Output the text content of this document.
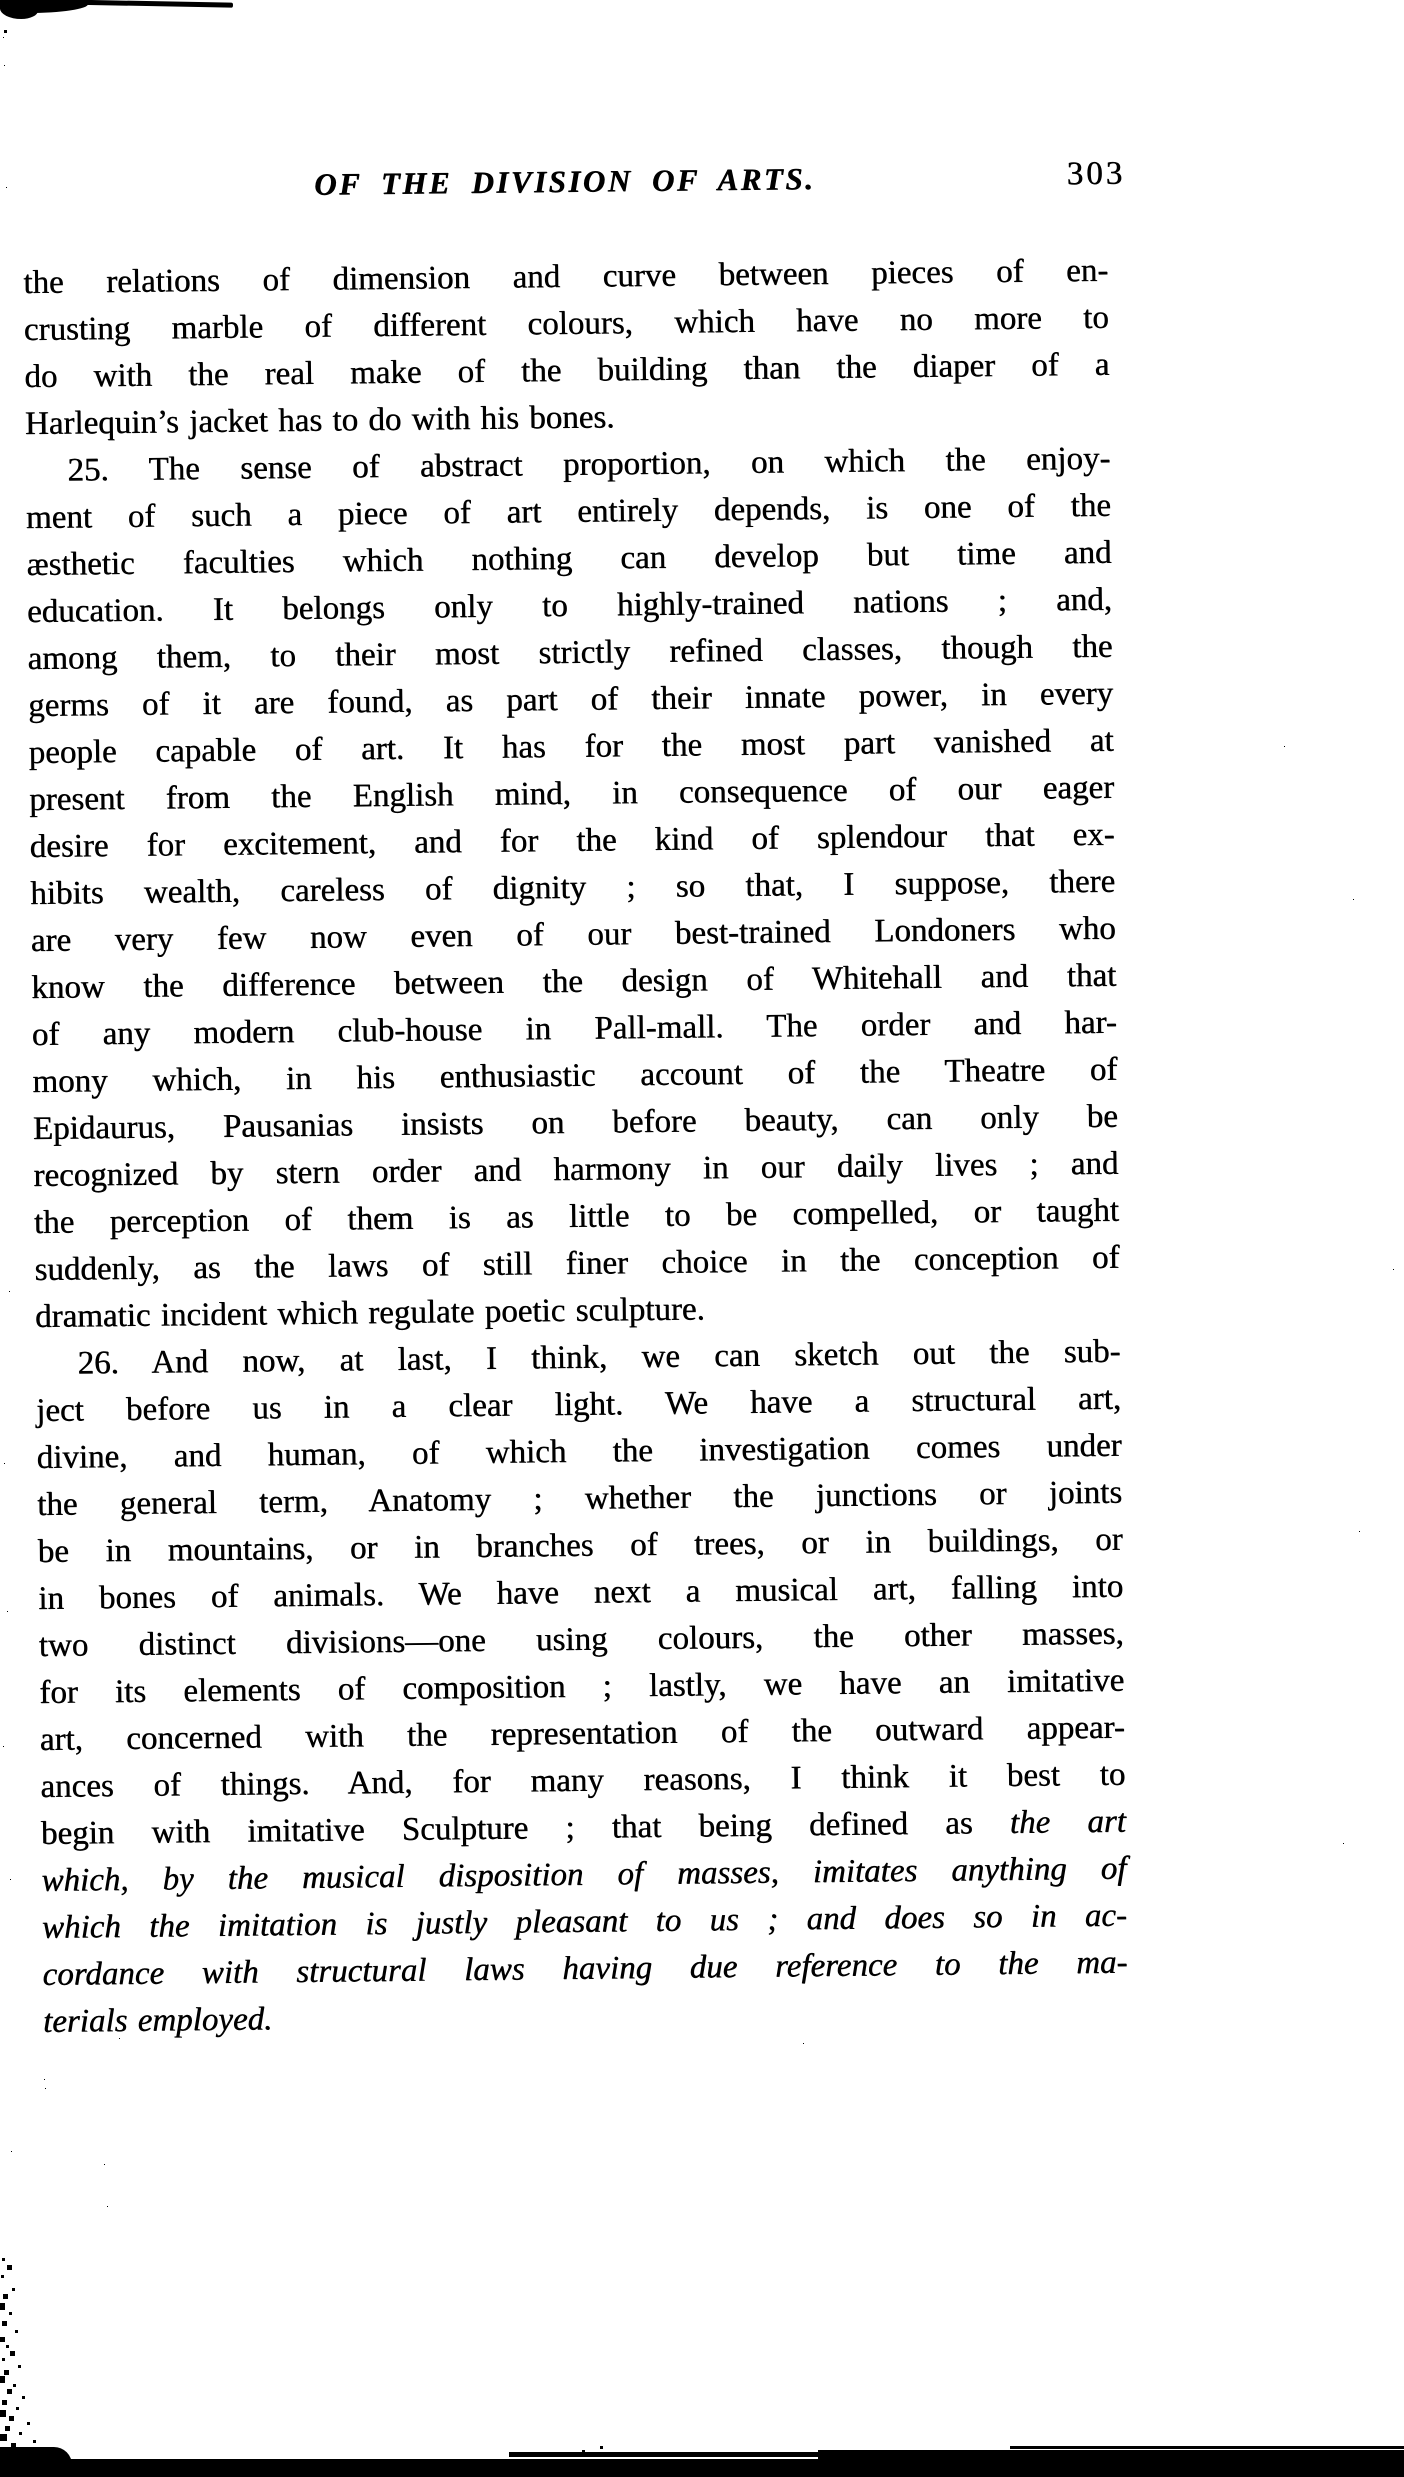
OF THE DIVISION OF ARTS.	303
the relations of dimension and curve between pieces of en-
crusting marble of different colours, which have no more to
do with the real make of the building than the diaper of a
Harlequin’s jacket has to do with his bones.
25. The sense of abstract proportion, on which the enjoy-
ment of such a piece of art entirely depends, is one of the
æsthetic faculties which nothing can develop but time and
education. It belongs only to highly-trained nations ; and,
among them, to their most strictly refined classes, though the
germs of it are found, as part of their innate power, in every
people capable of art. It has for the most part vanished at
present from the English mind, in consequence of our eager
desire for excitement, and for the kind of splendour that ex-
hibits wealth, careless of dignity ; so that, I suppose, there
are very few now even of our best-trained Londoners who
know the difference between the design of Whitehall and that
of any modern club-house in Pall-mall. The order and har-
mony which, in his enthusiastic account of the Theatre of
Epidaurus, Pausanias insists on before beauty, can only be
recognized by stern order and harmony in our daily lives ; and
the perception of them is as little to be compelled, or taught
suddenly, as the laws of still finer choice in the conception of
dramatic incident which regulate poetic sculpture.
26. And now, at last, I think, we can sketch out the sub-
ject before us in a clear light. We have a structural art,
divine, and human, of which the investigation comes under
the general term, Anatomy ; whether the junctions or joints
be in mountains, or in branches of trees, or in buildings, or
in bones of animals. We have next a musical art, falling into
two distinct divisions—one using colours, the other masses,
for its elements of composition ; lastly, we have an imitative
art, concerned with the representation of the outward appear-
ances of things. And, for many reasons, I think it best to
begin with imitative Sculpture ; that being defined as the art
which, by the musical disposition of masses, imitates anything of
which the imitation is justly pleasant to us ; and does so in ac-
cordance with structural laws having due reference to the ma-
terials employed.
